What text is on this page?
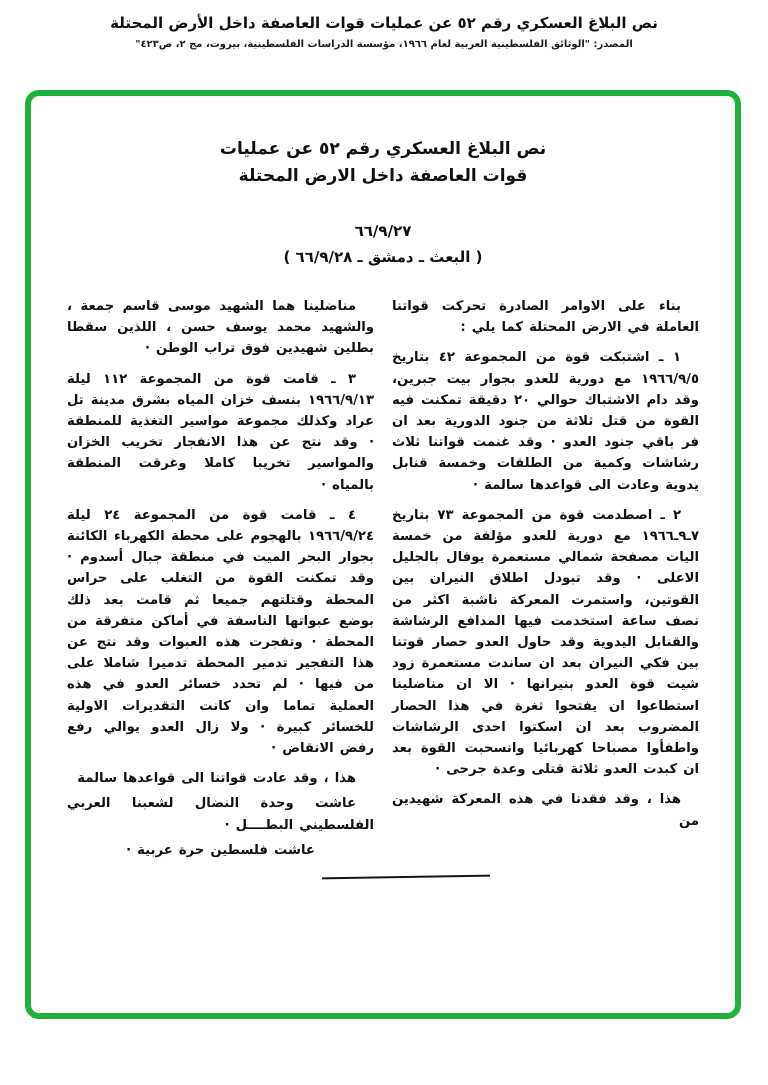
نص البلاغ العسكري رقم ٥٢ عن عمليات قوات العاصفة داخل الأرض المحتلة
المصدر: "الوثائق الفلسطينية العربية لعام ١٩٦٦، مؤسسة الدراسات الفلسطينية، بيروت، مج ٢، ص٤٢٣"
نص البلاغ العسكري رقم ٥٢ عن عمليات
قوات العاصفة داخل الارض المحتلة
٦٦/٩/٢٧
( البعث ـ دمشق ـ ٦٦/٩/٢٨ )

بناء على الاوامر الصادرة تحركت قواتنا العاملة في الارض المحتلة كما يلي :

١ ـ اشتبكت قوة من المجموعة ٤٢ بتاريخ ١٩٦٦/٩/٥ مع دورية للعدو بجوار بيت جبرين، وقد دام الاشتباك حوالي ٢٠ دقيقة تمكنت فيه القوة من قتل ثلاثة من جنود الدورية بعد ان فر باقي جنود العدو · وقد غنمت قواتنا ثلاث رشاشات وكمية من الطلقات وخمسة قنابل يدوية وعادت الى قواعدها سالمة ·

٢ ـ اصطدمت قوة من المجموعة ٧٣ بتاريخ ٧ـ٩ـ١٩٦٦ مع دورية للعدو مؤلفة من خمسة اليات مصفحة شمالي مستعمرة يوفال بالجليل الاعلى · وقد تبودل اطلاق النيران بين القوتين، واستمرت المعركة ناشبة اكثر من نصف ساعة استخدمت فيها المدافع الرشاشة والقنابل اليدوية وقد حاول العدو حصار قوتنا بين فكي النيران بعد ان ساندت مستعمرة زود شيت قوة العدو بنيرانها · الا ان مناضلينا استطاعوا ان يفتحوا ثغرة في هذا الحصار المضروب بعد ان اسكتوا احدى الرشاشات واطفأوا مصباحا كهربائيا وانسحبت القوة بعد ان كبدت العدو ثلاثة قتلى وعدة جرحى ·

هذا ، وقد فقدنا في هذه المعركة شهيدين من

مناضلينا هما الشهيد موسى قاسم جمعة ، والشهيد محمد يوسف حسن ، اللذين سقطا بطلين شهيدين فوق تراب الوطن ·

٣ ـ قامت قوة من المجموعة ١١٢ ليلة ١٩٦٦/٩/١٣ بنسف خزان المياه بشرق مدينة تل عراد وكذلك مجموعة مواسير التغذية للمنطقة · وقد نتج عن هذا الانفجار تخريب الخزان والمواسير تخريبا كاملا وغرقت المنطقة بالمياه ·

٤ ـ قامت قوة من المجموعة ٢٤ ليلة ١٩٦٦/٩/٢٤ بالهجوم على محطة الكهرباء الكائنة بجوار البحر الميت في منطقة جبال أسدوم · وقد تمكنت القوة من التغلب على حراس المحطة وقتلتهم جميعا ثم قامت بعد ذلك بوضع عبواتها الناسفة في أماكن متفرقة من المحطة · وتفجرت هذه العبوات وقد نتج عن هذا التفجير تدمير المحطة تدميرا شاملا على من فيها · لم تحدد خسائر العدو في هذه العملية تماما وان كانت التقديرات الاولية للخسائر كبيرة · ولا زال العدو يوالي رفع رفض الانقاض ·

هذا ، وقد عادت قواتنا الى قواعدها سالمة

عاشت وحدة النضال لشعبنا العربي الفلسطيني البطــــل ·

عاشت فلسطين حرة عربية ·
